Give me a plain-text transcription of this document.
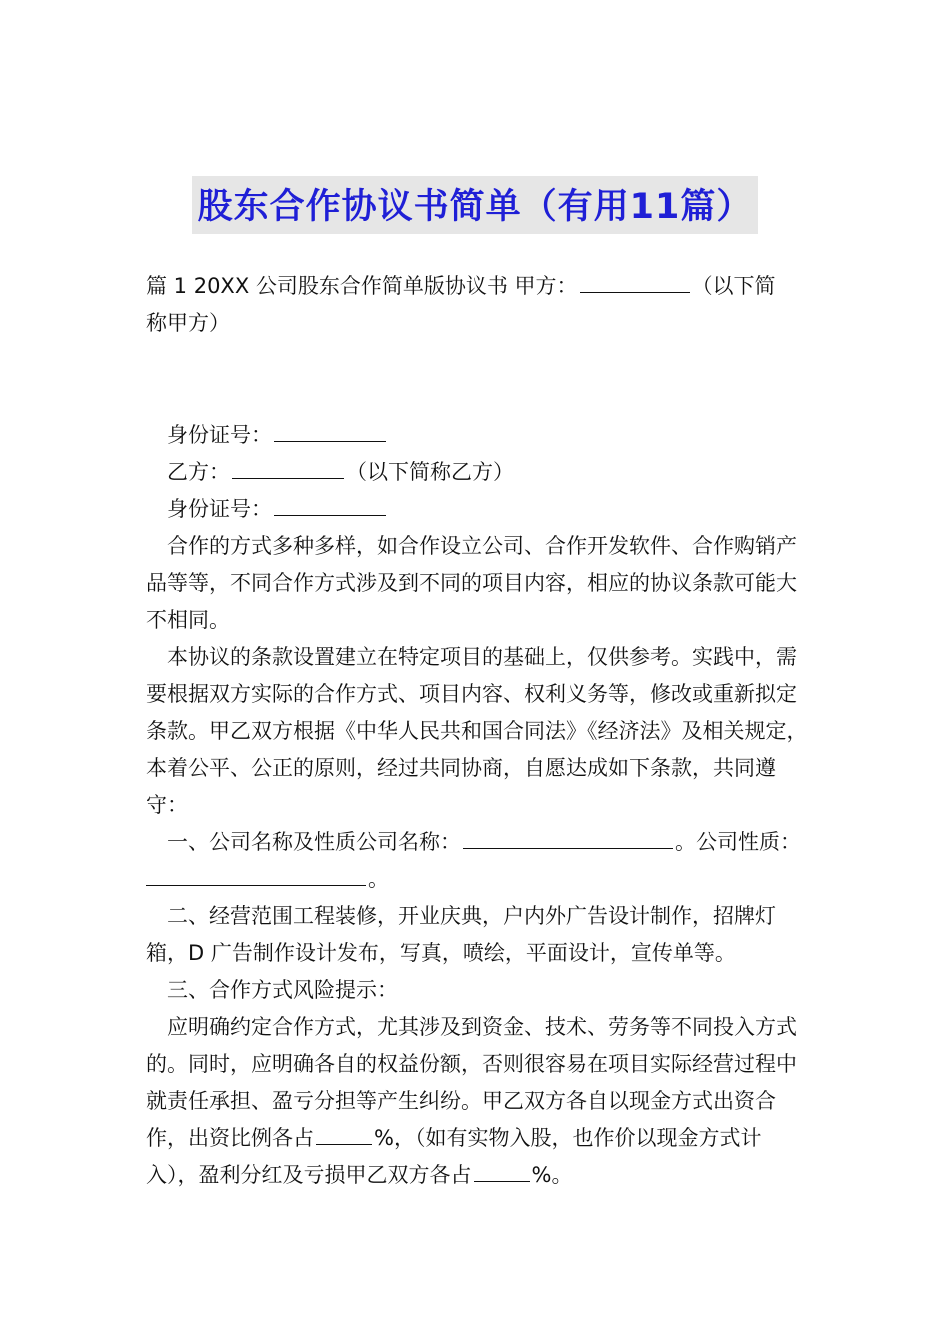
股东合作协议书简单（有用11篇）

篇 1 20XX 公司股东合作简单版协议书 甲方：	（以下简
称甲方）

身份证号：

乙方：	（以下简称乙方）

身份证号：

合作的方式多种多样，如合作设立公司、合作开发软件、合作购销产品等等，不同合作方式涉及到不同的项目内容，相应的协议条款可能大不相同。

本协议的条款设置建立在特定项目的基础上，仅供参考。实践中，需要根据双方实际的合作方式、项目内容、权利义务等，修改或重新拟定条款。甲乙双方根据《中华人民共和国合同法》《经济法》及相关规定，本着公平、公正的原则，经过共同协商，自愿达成如下条款，共同遵守：

一、公司名称及性质公司名称：	。公司性质：
。

二、经营范围工程装修，开业庆典，户内外广告设计制作，招牌灯箱，D 广告制作设计发布，写真，喷绘，平面设计，宣传单等。

三、合作方式风险提示：

应明确约定合作方式，尤其涉及到资金、技术、劳务等不同投入方式的。同时，应明确各自的权益份额，否则很容易在项目实际经营过程中就责任承担、盈亏分担等产生纠纷。甲乙双方各自以现金方式出资合作，出资比例各占	%，（如有实物入股，也作价以现金方式计入），盈利分红及亏损甲乙双方各占	%。
